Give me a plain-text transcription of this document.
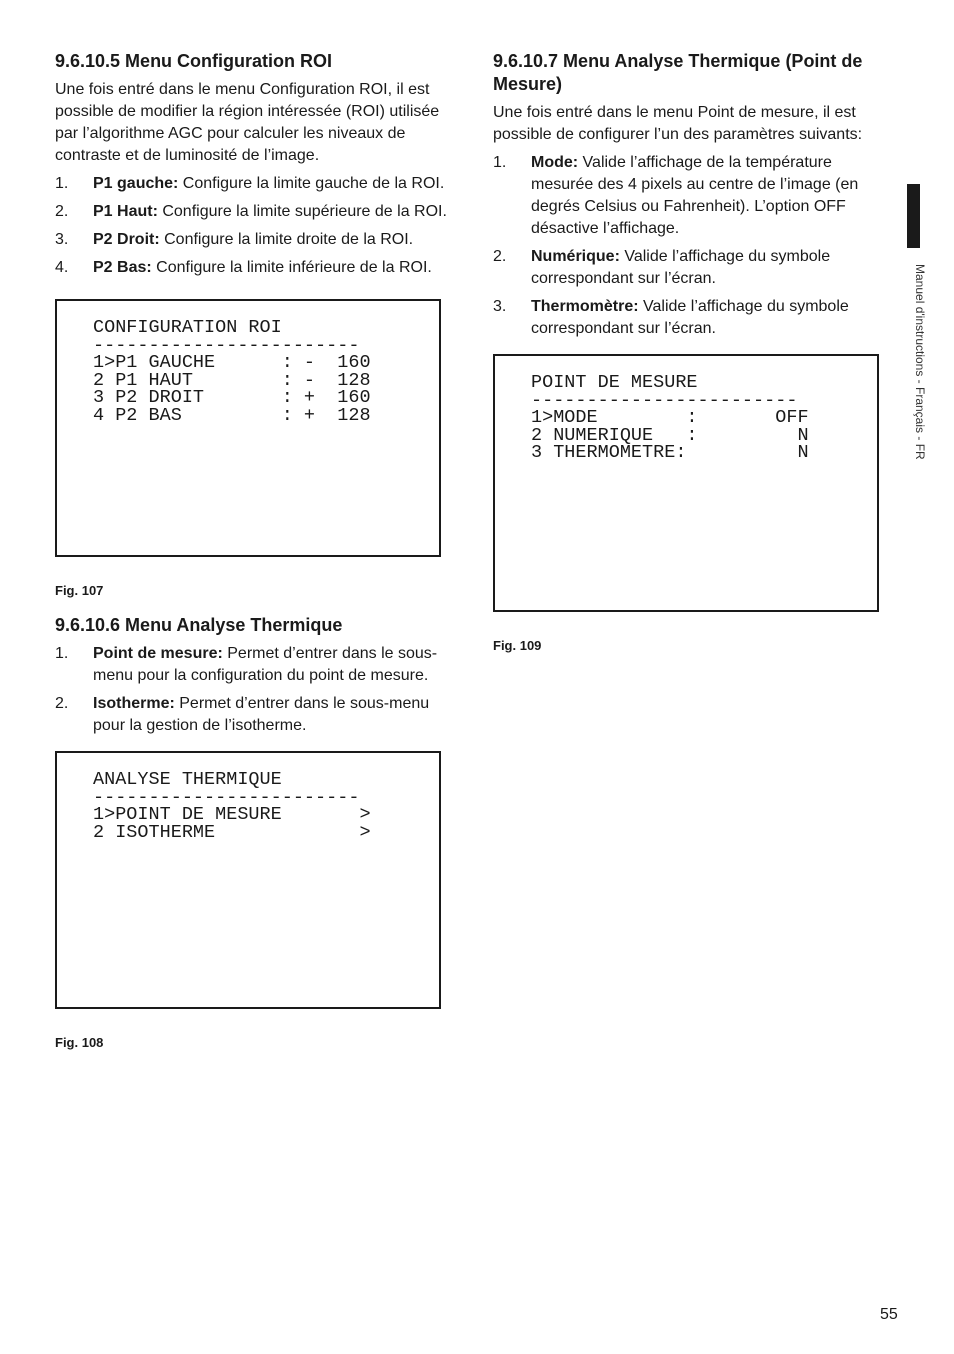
9.6.10.5 Menu Configuration ROI

Une fois entré dans le menu Configuration ROI, il est possible de modifier la région intéressée (ROI) utilisée par l’algorithme AGC pour calculer les niveaux de contraste et de luminosité de l’image.

1. P1 gauche: Configure la limite gauche de la ROI.
2. P1 Haut: Configure la limite supérieure de la ROI.
3. P2 Droit: Configure la limite droite de la ROI.
4. P2 Bas: Configure la limite inférieure de la ROI.
CONFIGURATION ROI
------------------------
1>P1 GAUCHE      : -  160
2 P1 HAUT        : -  128
3 P2 DROIT       : +  160
4 P2 BAS         : +  128
Fig. 107
9.6.10.6 Menu Analyse Thermique
1. Point de mesure: Permet d’entrer dans le sous-menu pour la configuration du point de mesure.
2. Isotherme: Permet d’entrer dans le sous-menu pour la gestion de l’isotherme.
ANALYSE THERMIQUE
------------------------
1>POINT DE MESURE       >
2 ISOTHERME             >
Fig. 108
9.6.10.7 Menu Analyse Thermique (Point de Mesure)

Une fois entré dans le menu Point de mesure, il est possible de configurer l’un des paramètres suivants:

1. Mode: Valide l’affichage de la température mesurée des 4 pixels au centre de l’image (en degrés Celsius ou Fahrenheit). L’option OFF désactive l’affichage.
2. Numérique: Valide l’affichage du symbole correspondant sur l’écran.
3. Thermomètre: Valide l’affichage du symbole correspondant sur l’écran.
POINT DE MESURE
------------------------
1>MODE        :       OFF
2 NUMERIQUE   :         N
3 THERMOMETRE:          N
Fig. 109
Manuel d'instructions - Français - FR
55
